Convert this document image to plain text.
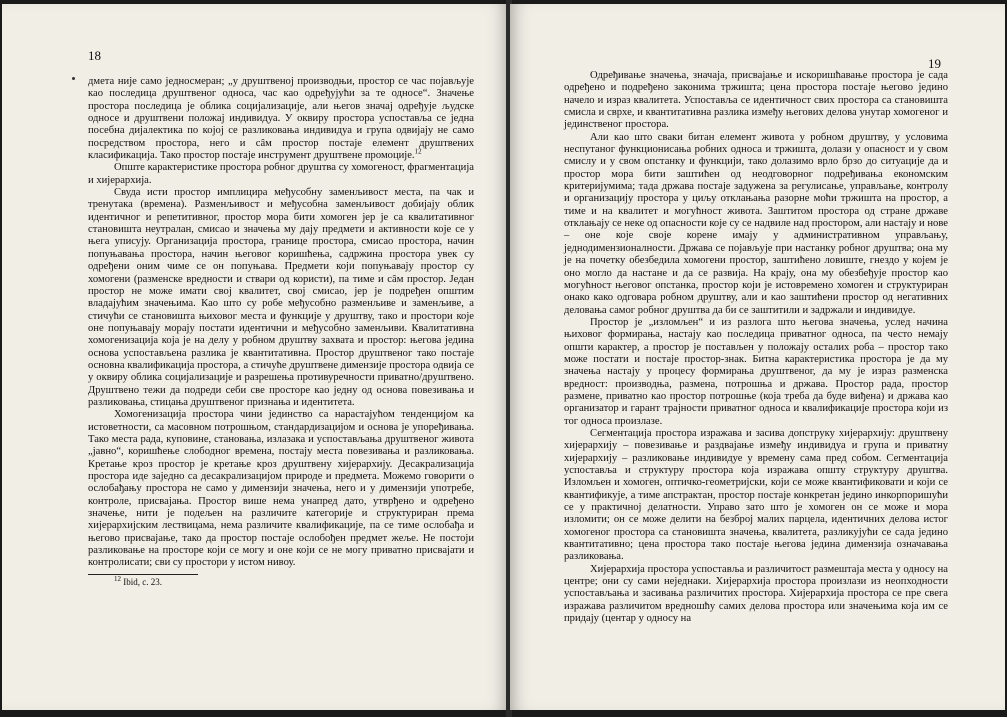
18

дмета није само једносмеран; „у друштвеној производњи, простор се час појављује као последица друштвеног односа, час као одређујући за те односе“. Значење простора последица је облика социјализације, али његов значај одређује људске односе и друштвени положај индивидуа. У оквиру простора успоставља се једна посебна дијалектика по којој се разликовања индивидуа и група одвијају не само посредством простора, него и сâм простор постаје елемент друштвених класификација. Тако простор постаје инструмент друштвене промоције.$^{12}$

Опште карактеристике простора робног друштва су хомогеност, фрагментација и хијерархија.

Свуда исти простор имплицира међусобну заменљивост места, па чак и тренутака (времена). Разменљивост и међусобна заменљивост добијају облик идентичног и репетитивног, простор мора бити хомоген јер је са квалитативног становишта неутралан, смисао и значења му дају предмети и активности које се у њега уписују. Организација простора, границе простора, смисао простора, начин попуњавања простора, начин његовог коришћења, садржина простора увек су одређени оним чиме се он попуњава. Предмети који попуњавају простор су хомогени (разменске вредности и ствари од користи), па тиме и сâм простор. Један простор не може имати свој квалитет, свој смисао, јер је подређен општим владајућим значењима. Као што су робе међусобно разменљиве и заменљиве, а стичући се становишта њиховог места и функције у друштву, тако и простори које оне попуњавају морају постати идентични и међусобно заменљиви. Квалитативна хомогенизација која је на делу у робном друштву захвата и простор: његова једина основа успостављена разлика је квантитативна. Простор друштвеног тако постаје основна квалификација простора, а стичуће друштвене димензије простора одвија се у оквиру облика социјализације и разрешења противуречности приватно/друштвено. Друштвено тежи да подреди себи све просторе као једну од основа повезивања и разликовања, стицања друштвеног признања и идентитета.

Хомогенизација простора чини јединство са нарастајућом тенденцијом ка истоветности, са масовном потрошњом, стандардизацијом и основа је упоређивања. Тако места рада, куповине, становања, излазака и успостављања друштвеног живота „јавно“, коришћење слободног времена, постају места повезивања и разликовања. Кретање кроз простор је кретање кроз друштвену хијерархију. Десакрализација простора иде заједно са десакрализацијом природе и предмета. Можемо говорити о ослобађању простора не само у димензији значења, него и у димензији употребе, контроле, присвајања. Простор више нема унапред дато, утврђено и одређено значење, нити је подељен на различите категорије и структуриран према хијерархијским лествицама, нема различите квалификације, па се тиме ослобађа и његово присвајање, тако да простор постаје ослобођен предмет жеље. Не постоји разликовање на просторе који се могу и оне који се не могу приватно присвајати и контролисати; сви су простори у истом нивоу.

$^{12}$ Ibid, с. 23.

19

Одређивање значења, значаја, присвајање и искоришћавање простора је сада одређено и подређено законима тржишта; цена простора постаје његово једино начело и израз квалитета. Успоставља се идентичност свих простора са становишта смисла и сврхе, и квантитативна разлика између његових делова унутар хомогеног и јединственог простора.

Али као што сваки битан елемент живота у робном друштву, у условима неспутаног функционисања робних односа и тржишта, долази у опасност и у свом смислу и у свом опстанку и функцији, тако долазимо врло брзо до ситуације да и простор мора бити заштићен од неодговорног подређивања економским критеријумима; тада држава постаје задужена за регулисање, управљање, контролу и организацију простора у циљу отклањања разорне моћи тржишта на простор, а тиме и на квалитет и могућност живота. Заштитом простора од стране државе отклањају се неке од опасности које су се надвиле над простором, али настају и нове – оне које своје корене имају у административном управљању, једнодимензионалности. Држава се појављује при настанку робног друштва; она му је на почетку обезбедила хомогени простор, заштићено ловиште, гнездо у којем је оно могло да настане и да се развија. На крају, она му обезбеђује простор као могућност његовог опстанка, простор који је истовремено хомоген и структуриран онако како одговара робном друштву, али и као заштићени простор од негативних деловања самог робног друштва да би се заштитили и задржали и индивидуе.

Простор је „изломљен“ и из разлога што његова значења, услед начина њиховог формирања, настају као последица приватног односа, па често немају општи карактер, а простор је постављен у положају осталих роба – простор тако може постати и постаје простор-знак. Битна карактеристика простора је да му значења настају у процесу формирања друштвеног, да му је израз разменска вредност: производња, размена, потрошња и држава. Простор рада, простор размене, приватно као простор потрошње (која треба да буде виђена) и држава као организатор и гарант трајности приватног односа и квалификације простора који из тог односа произлазе.

Сегментација простора изражава и засива допструку хијерархију: друштвену хијерархију – повезивање и раздвајање између индивидуа и група и приватну хијерархију – разликовање индивидуе у времену сама пред собом. Сегментација успоставља и структуру простора која изражава општу структуру друштва. Изломљен и хомоген, оптичко-геометријски, који се може квантификовати и који се квантификује, а тиме апстрактан, простор постаје конкретан једино инкорпоришући се у практичној делатности. Управо зато што је хомоген он се може и мора изломити; он се може делити на безброј малих парцела, идентичних делова истог хомогеног простора са становишта значења, квалитета, разликујући се сада једино квантитативно; цена простора тако постаје његова једина димензија означавања разликовања.

Хијерархија простора успоставља и различитост размештаја места у односу на центре; они су сами неједнаки. Хијерархија простора произлази из неопходности успостављања и засивања различитих простора. Хијерархија простора се пре свега изражава различитом вредношћу самих делова простора или значењима која им се придају (центар у односу на
